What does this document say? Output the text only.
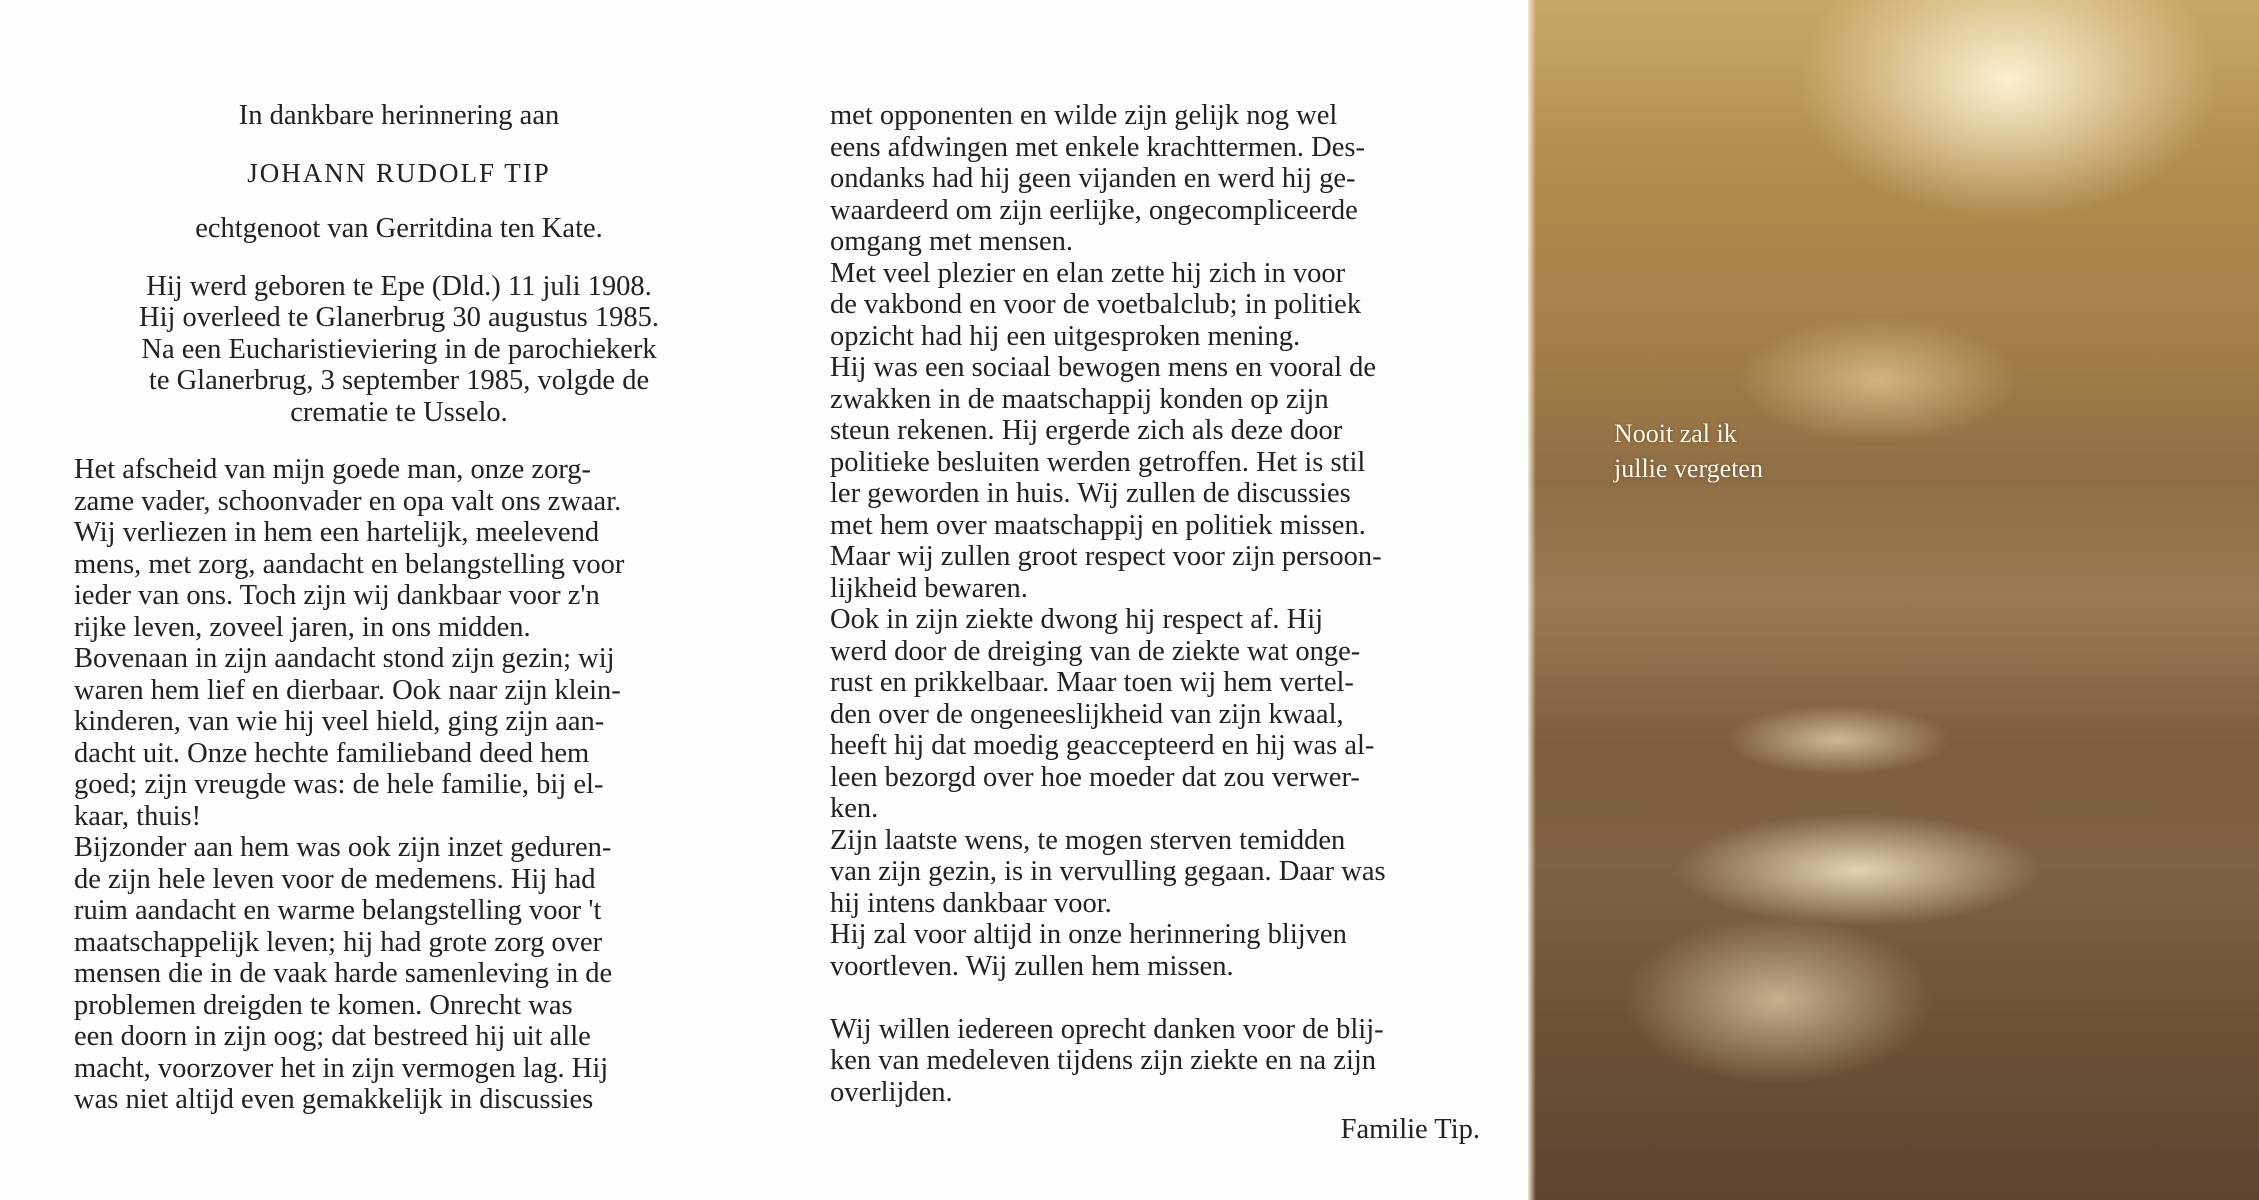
In dankbare herinnering aan
JOHANN RUDOLF TIP
echtgenoot van Gerritdina ten Kate.
Hij werd geboren te Epe (Dld.) 11 juli 1908.
Hij overleed te Glanerbrug 30 augustus 1985.
Na een Eucharistieviering in de parochiekerk
te Glanerbrug, 3 september 1985, volgde de
crematie te Usselo.
Het afscheid van mijn goede man, onze zorg-
zame vader, schoonvader en opa valt ons zwaar.
Wij verliezen in hem een hartelijk, meelevend
mens, met zorg, aandacht en belangstelling voor
ieder van ons. Toch zijn wij dankbaar voor z'n
rijke leven, zoveel jaren, in ons midden.
Bovenaan in zijn aandacht stond zijn gezin; wij
waren hem lief en dierbaar. Ook naar zijn klein-
kinderen, van wie hij veel hield, ging zijn aan-
dacht uit. Onze hechte familieband deed hem
goed; zijn vreugde was: de hele familie, bij el-
kaar, thuis!
Bijzonder aan hem was ook zijn inzet geduren-
de zijn hele leven voor de medemens. Hij had
ruim aandacht en warme belangstelling voor 't
maatschappelijk leven; hij had grote zorg over
mensen die in de vaak harde samenleving in de
problemen dreigden te komen. Onrecht was
een doorn in zijn oog; dat bestreed hij uit alle
macht, voorzover het in zijn vermogen lag. Hij
was niet altijd even gemakkelijk in discussies
met opponenten en wilde zijn gelijk nog wel
eens afdwingen met enkele krachttermen. Des-
ondanks had hij geen vijanden en werd hij ge-
waardeerd om zijn eerlijke, ongecompliceerde
omgang met mensen.
Met veel plezier en elan zette hij zich in voor
de vakbond en voor de voetbalclub; in politiek
opzicht had hij een uitgesproken mening.
Hij was een sociaal bewogen mens en vooral de
zwakken in de maatschappij konden op zijn
steun rekenen. Hij ergerde zich als deze door
politieke besluiten werden getroffen. Het is stil
ler geworden in huis. Wij zullen de discussies
met hem over maatschappij en politiek missen.
Maar wij zullen groot respect voor zijn persoon-
lijkheid bewaren.
Ook in zijn ziekte dwong hij respect af. Hij
werd door de dreiging van de ziekte wat onge-
rust en prikkelbaar. Maar toen wij hem vertel-
den over de ongeneeslijkheid van zijn kwaal,
heeft hij dat moedig geaccepteerd en hij was al-
leen bezorgd over hoe moeder dat zou verwer-
ken.
Zijn laatste wens, te mogen sterven temidden
van zijn gezin, is in vervulling gegaan. Daar was
hij intens dankbaar voor.
Hij zal voor altijd in onze herinnering blijven
voortleven. Wij zullen hem missen.
Wij willen iedereen oprecht danken voor de blij-
ken van medeleven tijdens zijn ziekte en na zijn
overlijden.
Familie Tip.
Nooit zal ik
jullie vergeten
